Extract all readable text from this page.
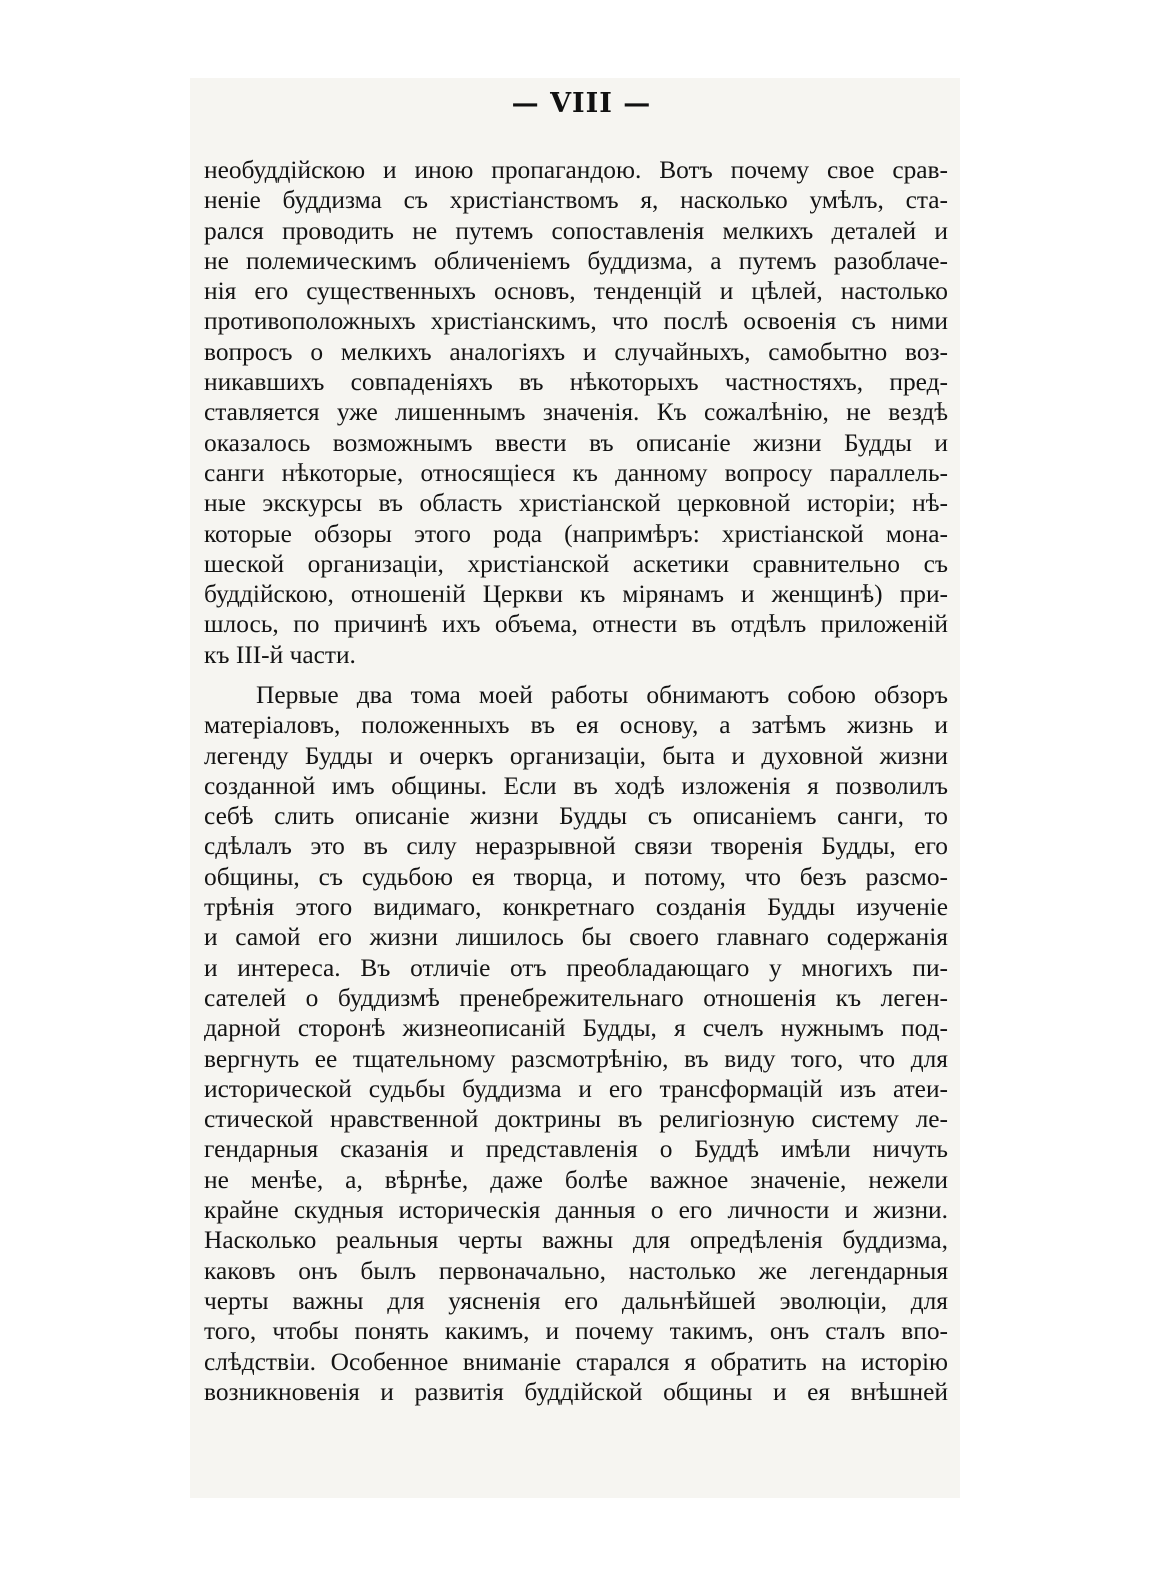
— VIII —
необуддійскою и иною пропагандою. Вотъ почему свое срав-
неніе буддизма съ христіанствомъ я, насколько умѣлъ, ста-
рался проводить не путемъ сопоставленія мелкихъ деталей и
не полемическимъ обличеніемъ буддизма, а путемъ разоблаче-
нія его существенныхъ основъ, тенденцій и цѣлей, настолько
противоположныхъ христіанскимъ, что послѣ освоенія съ ними
вопросъ о мелкихъ аналогіяхъ и случайныхъ, самобытно воз-
никавшихъ совпаденіяхъ въ нѣкоторыхъ частностяхъ, пред-
ставляется уже лишеннымъ значенія. Къ сожалѣнію, не вездѣ
оказалось возможнымъ ввести въ описаніе жизни Будды и
санги нѣкоторые, относящіеся къ данному вопросу параллель-
ные экскурсы въ область христіанской церковной исторіи; нѣ-
которые обзоры этого рода (напримѣръ: христіанской мона-
шеской организаціи, христіанской аскетики сравнительно съ
буддійскою, отношеній Церкви къ мірянамъ и женщинѣ) при-
шлось, по причинѣ ихъ объема, отнести въ отдѣлъ приложеній
къ III-й части.
Первые два тома моей работы обнимаютъ собою обзоръ
матеріаловъ, положенныхъ въ ея основу, а затѣмъ жизнь и
легенду Будды и очеркъ организаціи, быта и духовной жизни
созданной имъ общины. Если въ ходѣ изложенія я позволилъ
себѣ слить описаніе жизни Будды съ описаніемъ санги, то
сдѣлалъ это въ силу неразрывной связи творенія Будды, его
общины, съ судьбою ея творца, и потому, что безъ разсмо-
трѣнія этого видимаго, конкретнаго созданія Будды изученіе
и самой его жизни лишилось бы своего главнаго содержанія
и интереса. Въ отличіе отъ преобладающаго у многихъ пи-
сателей о буддизмѣ пренебрежительнаго отношенія къ леген-
дарной сторонѣ жизнеописаній Будды, я счелъ нужнымъ под-
вергнуть ее тщательному разсмотрѣнію, въ виду того, что для
исторической судьбы буддизма и его трансформацій изъ атеи-
стической нравственной доктрины въ религіозную систему ле-
гендарныя сказанія и представленія о Буддѣ имѣли ничуть
не менѣе, а, вѣрнѣе, даже болѣе важное значеніе, нежели
крайне скудныя историческія данныя о его личности и жизни.
Насколько реальныя черты важны для опредѣленія буддизма,
каковъ онъ былъ первоначально, настолько же легендарныя
черты важны для уясненія его дальнѣйшей эволюціи, для
того, чтобы понять какимъ, и почему такимъ, онъ сталъ впо-
слѣдствіи. Особенное вниманіе старался я обратить на исторію
возникновенія и развитія буддійской общины и ея внѣшней
